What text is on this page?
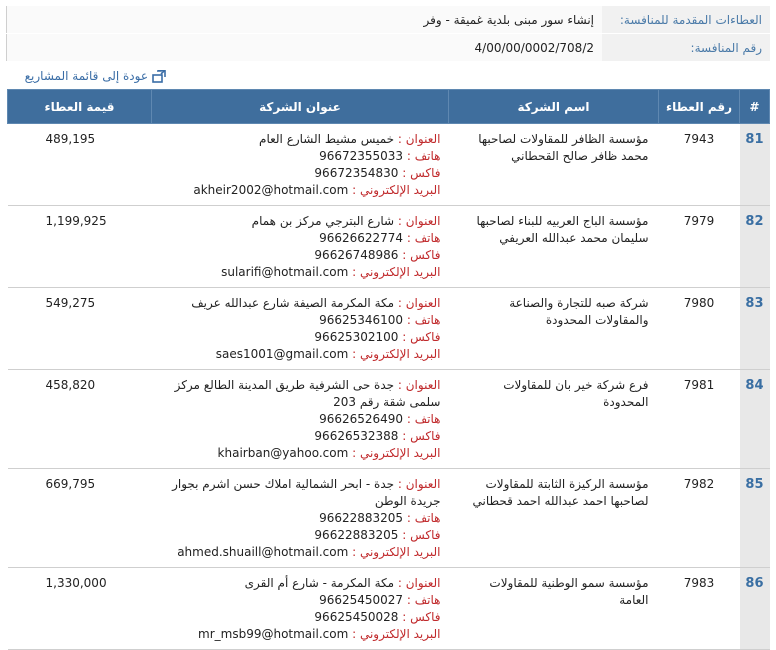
العطاءات المقدمة للمنافسة:	إنشاء سور مبنى بلدية غميقة - وفر
رقم المنافسة:	4/00/00/0002/708/2
عودة إلى قائمة المشاريع
#	رقم العطاء	اسم الشركة	عنوان الشركة	قيمة العطاء
81	7943	مؤسسة الظافر للمقاولات لصاحبها محمد ظافر صالح القحطاني	العنوان : خميس مشيط الشارع العام
هاتف : 96672355033
فاكس : 96672354830
البريد الإلكتروني : akheir2002@hotmail.com	489,195

82	7979	مؤسسة الباج العربيه للبناء لصاحبها سليمان محمد عبدالله العريفي	العنوان : شارع البترجي مركز بن همام
هاتف : 96626622774
فاكس : 96626748986
البريد الإلكتروني : sularifi@hotmail.com	1,199,925

83	7980	شركة صبه للتجارة والصناعة والمقاولات المحدودة	العنوان : مكة المكرمة الصيفة شارع عبدالله عريف
هاتف : 96625346100
فاكس : 96625302100
البريد الإلكتروني : saes1001@gmail.com	549,275

84	7981	فرع شركة خير بان للمقاولات المحدودة	العنوان : جدة حى الشرفية طريق المدينة الطالع مركز سلمى شقة رقم 203
هاتف : 96626526490
فاكس : 96626532388
البريد الإلكتروني : khairban@yahoo.com	458,820

85	7982	مؤسسة الركيزة الثابتة للمقاولات لصاحبها احمد عبدالله احمد قحطاني	العنوان : جدة - ابحر الشمالية املاك حسن اشرم بجوار جريدة الوطن
هاتف : 96622883205
فاكس : 96622883205
البريد الإلكتروني : ahmed.shuaill@hotmail.com	669,795

86	7983	مؤسسة سمو الوطنية للمقاولات العامة	العنوان : مكة المكرمة - شارع أم القرى
هاتف : 96625450027
فاكس : 96625450028
البريد الإلكتروني : mr_msb99@hotmail.com	1,330,000
